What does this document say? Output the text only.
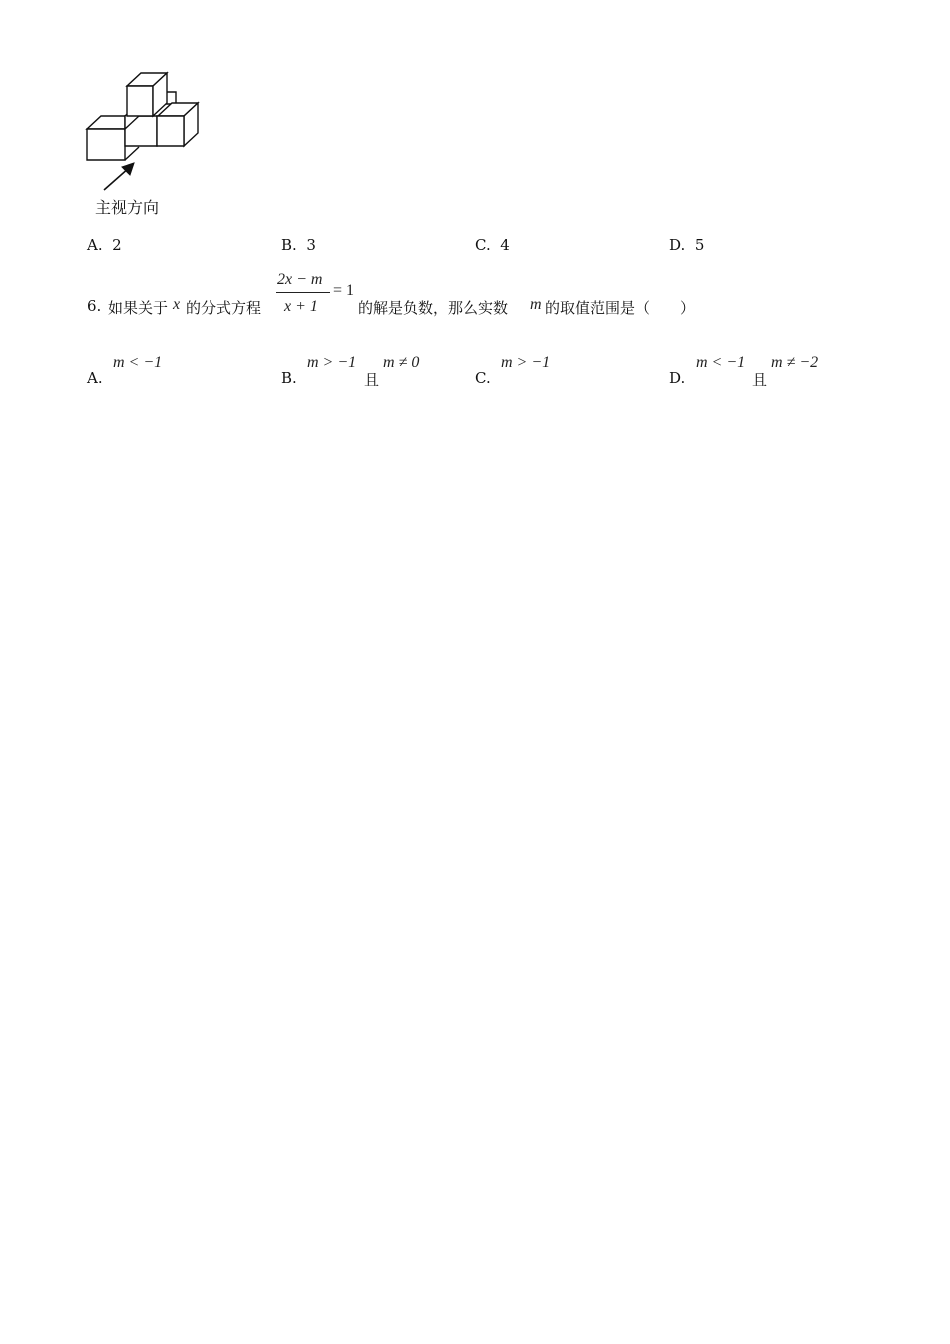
主视方向
A. 2	B. 3	C. 4	D. 5
6. 如果关于 x 的分式方程
2x − m
x + 1
= 1
的解是负数，那么实数 m 的取值范围是（　　）
A.
m < −1
B.
m > −1
且
m ≠ 0
C.
m > −1
D.
m < −1
且
m ≠ −2
